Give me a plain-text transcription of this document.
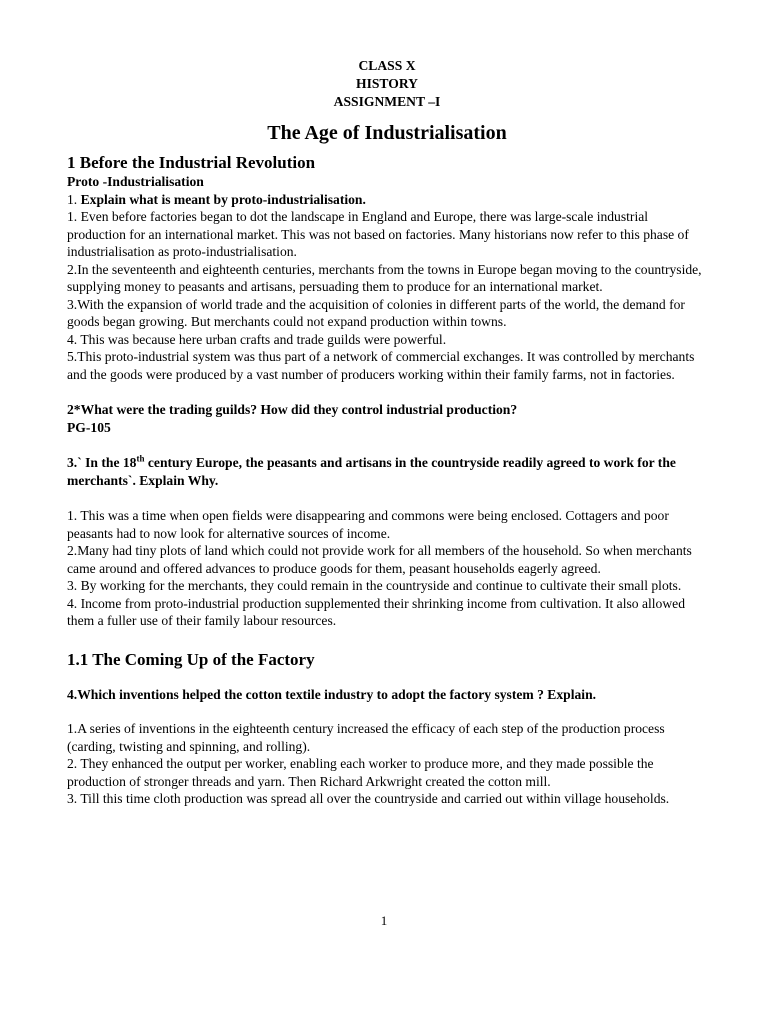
CLASS X
HISTORY
ASSIGNMENT –I
The Age of Industrialisation
1 Before the Industrial Revolution
Proto -Industrialisation

1. Explain what is meant by proto-industrialisation.

1. Even before factories began to dot the landscape in England and Europe, there was large-scale industrial production for an international market. This was not based on factories. Many historians now refer to this phase of industrialisation as proto-industrialisation.

2.In the seventeenth and eighteenth centuries, merchants from the towns in Europe began moving to the countryside, supplying money to peasants and artisans, persuading them to produce for an international market.

3.With the expansion of world trade and the acquisition of colonies in different parts of the world, the demand for goods began growing. But merchants could not expand production within towns.

4. This was because here urban crafts and trade guilds were powerful.

5.This proto-industrial system was thus part of a network of commercial exchanges. It was controlled by merchants and the goods were produced by a vast number of producers working within their family farms, not in factories.

2*What were the trading guilds? How did they control industrial production?

PG-105

3.` In the 18th century Europe, the peasants and artisans in the countryside readily agreed to work for the merchants`. Explain Why.

1. This was a time when open fields were disappearing and commons were being enclosed. Cottagers and poor peasants had to now look for alternative sources of income.

2.Many had tiny plots of land which could not provide work for all members of the household. So when merchants came around and offered advances to produce goods for them, peasant households eagerly agreed.

3. By working for the merchants, they could remain in the countryside and continue to cultivate their small plots.

4. Income from proto-industrial production supplemented their shrinking income from cultivation. It also allowed them a fuller use of their family labour resources.

1.1 The Coming Up of the Factory

4.Which inventions helped the cotton textile industry to adopt the factory system ? Explain.

1.A series of inventions in the eighteenth century increased the efficacy of each step of the production process (carding, twisting and spinning, and rolling).

2. They enhanced the output per worker, enabling each worker to produce more, and they made possible the production of stronger threads and yarn. Then Richard Arkwright created the cotton mill.

3. Till this time cloth production was spread all over the countryside and carried out within village households.

1
